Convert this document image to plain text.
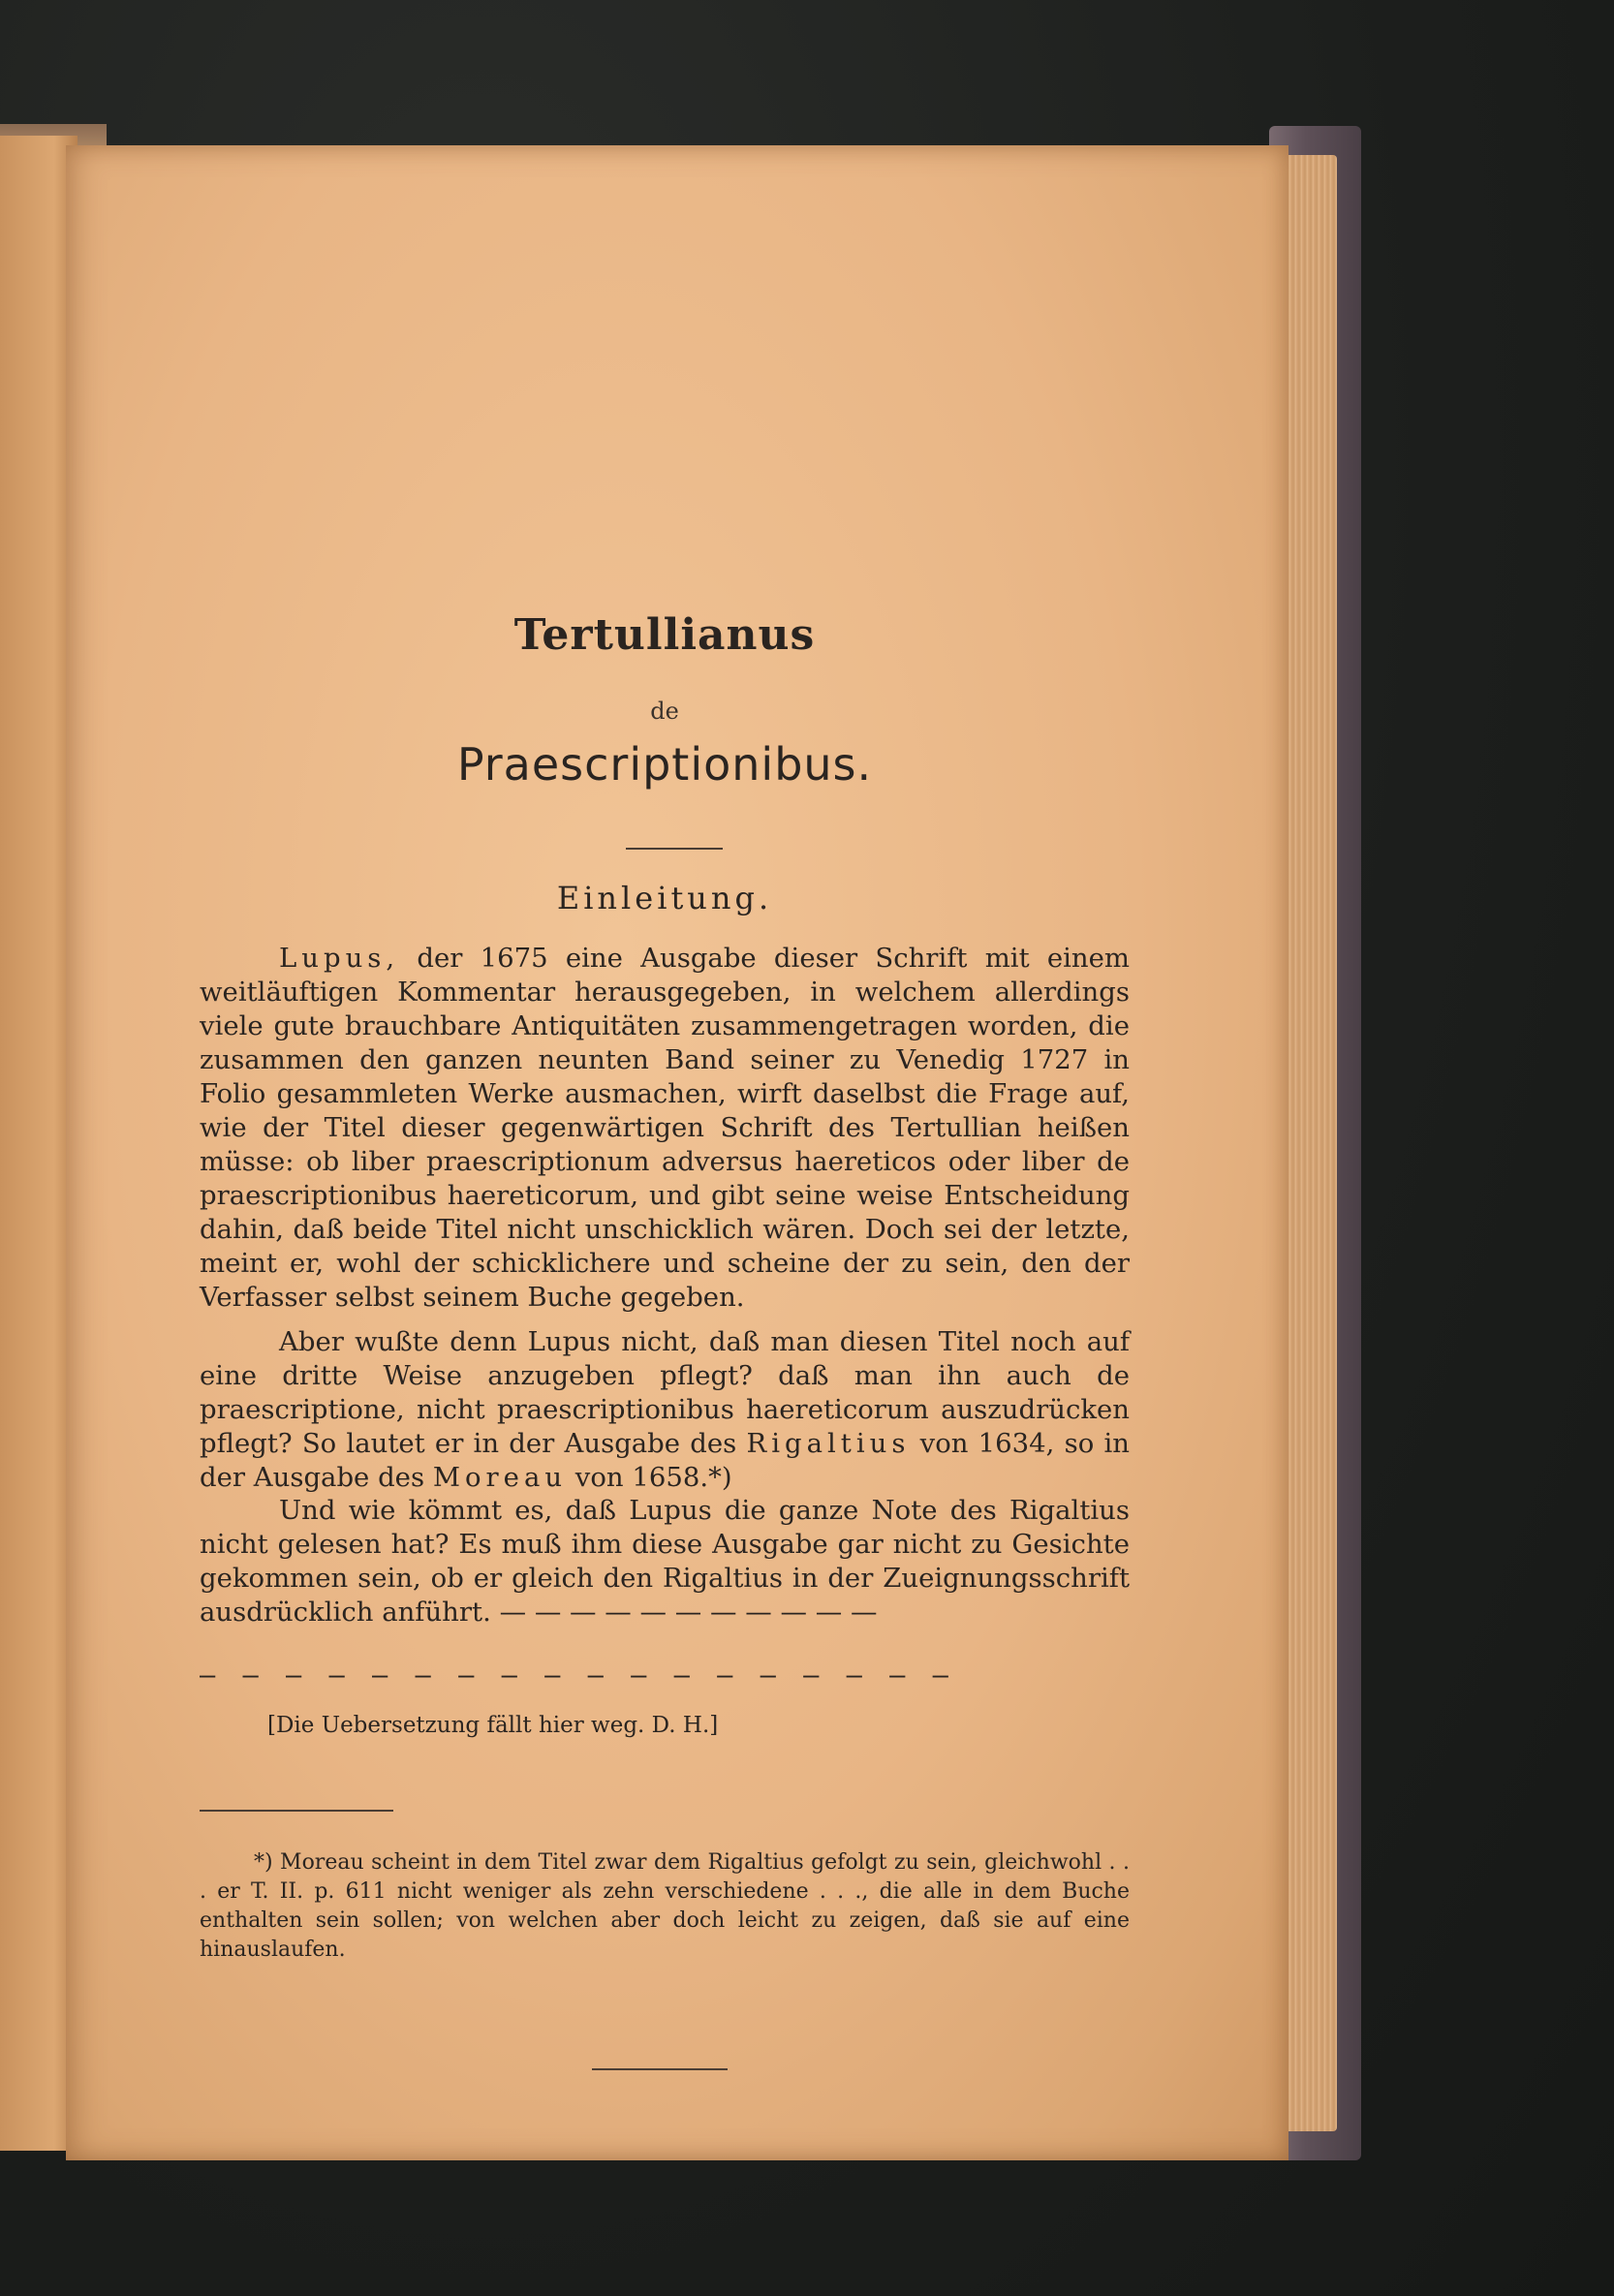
Tertullianus
de
Praescriptionibus.
Einleitung.

Lupus, der 1675 eine Ausgabe dieser Schrift mit einem weitläuftigen Kommentar herausgegeben, in welchem allerdings viele gute brauchbare Antiquitäten zusammengetragen worden, die zusammen den ganzen neunten Band seiner zu Venedig 1727 in Folio gesammleten Werke ausmachen, wirft daselbst die Frage auf, wie der Titel dieser gegenwärtigen Schrift des Tertullian heißen müsse: ob liber praescriptionum adversus haereticos oder liber de praescriptionibus haereticorum, und gibt seine weise Entscheidung dahin, daß beide Titel nicht unschicklich wären. Doch sei der letzte, meint er, wohl der schicklichere und scheine der zu sein, den der Verfasser selbst seinem Buche gegeben.

Aber wußte denn Lupus nicht, daß man diesen Titel noch auf eine dritte Weise anzugeben pflegt? daß man ihn auch de praescriptione, nicht praescriptionibus haereticorum auszudrücken pflegt? So lautet er in der Ausgabe des Rigaltius von 1634, so in der Ausgabe des Moreau von 1658.*)

Und wie kömmt es, daß Lupus die ganze Note des Rigaltius nicht gelesen hat? Es muß ihm diese Ausgabe gar nicht zu Gesichte gekommen sein, ob er gleich den Rigaltius in der Zueignungsschrift ausdrücklich anführt. — — — — — — — — — — —

— — — — — — — — — — — — — — — — — —
[Die Uebersetzung fällt hier weg. D. H.]

*) Moreau scheint in dem Titel zwar dem Rigaltius gefolgt zu sein, gleichwohl . . . er T. II. p. 611 nicht weniger als zehn verschiedene . . ., die alle in dem Buche enthalten sein sollen; von welchen aber doch leicht zu zeigen, daß sie auf eine hinauslaufen.
